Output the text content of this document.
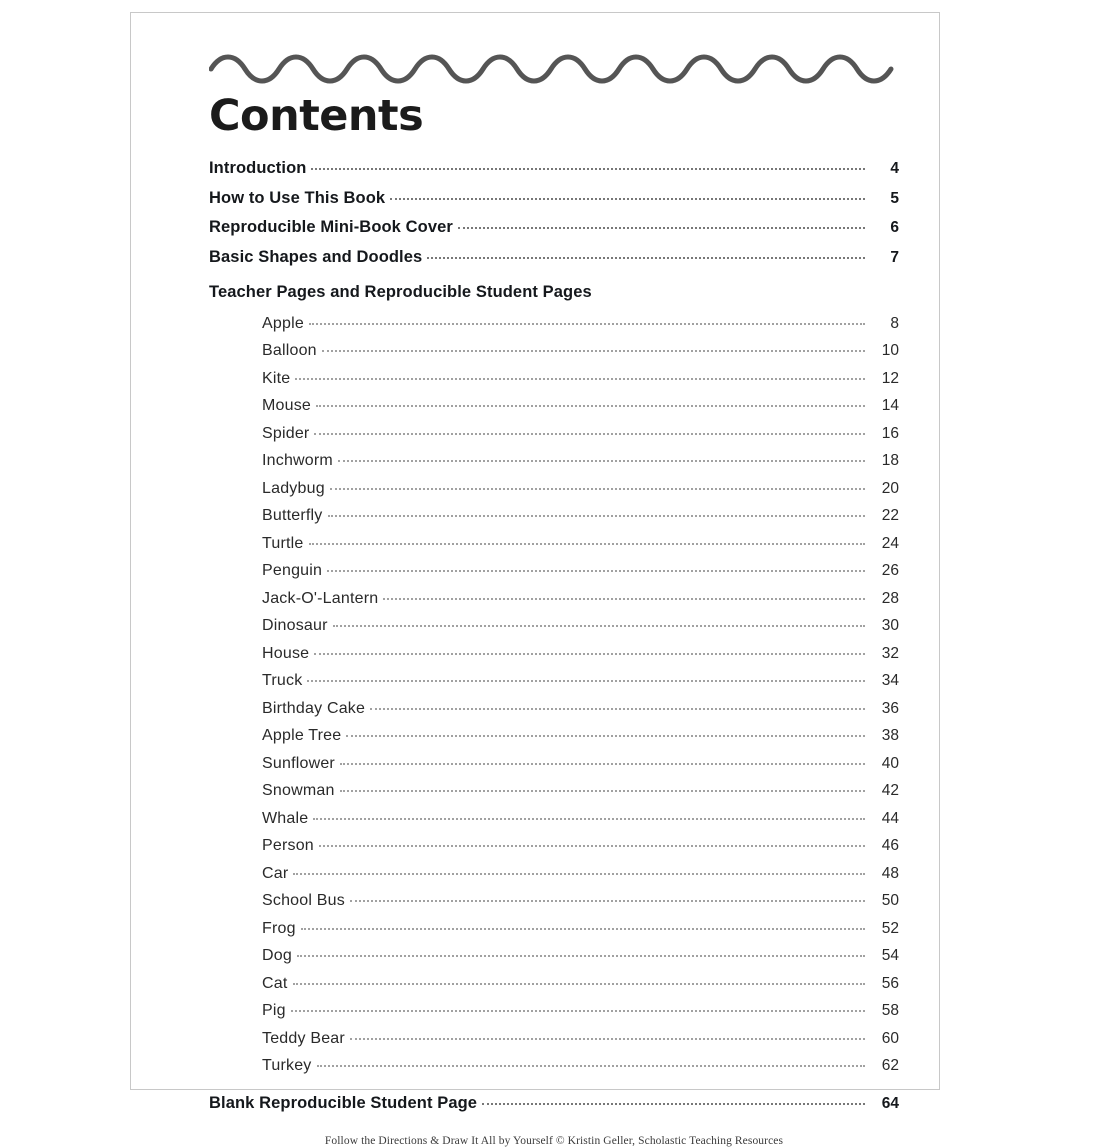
Contents
Introduction	4
How to Use This Book	5
Reproducible Mini-Book Cover	6
Basic Shapes and Doodles	7
Teacher Pages and Reproducible Student Pages
Apple	8
Balloon	10
Kite	12
Mouse	14
Spider	16
Inchworm	18
Ladybug	20
Butterfly	22
Turtle	24
Penguin	26
Jack-O'-Lantern	28
Dinosaur	30
House	32
Truck	34
Birthday Cake	36
Apple Tree	38
Sunflower	40
Snowman	42
Whale	44
Person	46
Car	48
School Bus	50
Frog	52
Dog	54
Cat	56
Pig	58
Teddy Bear	60
Turkey	62
Blank Reproducible Student Page	64
Follow the Directions & Draw It All by Yourself © Kristin Geller, Scholastic Teaching Resources
